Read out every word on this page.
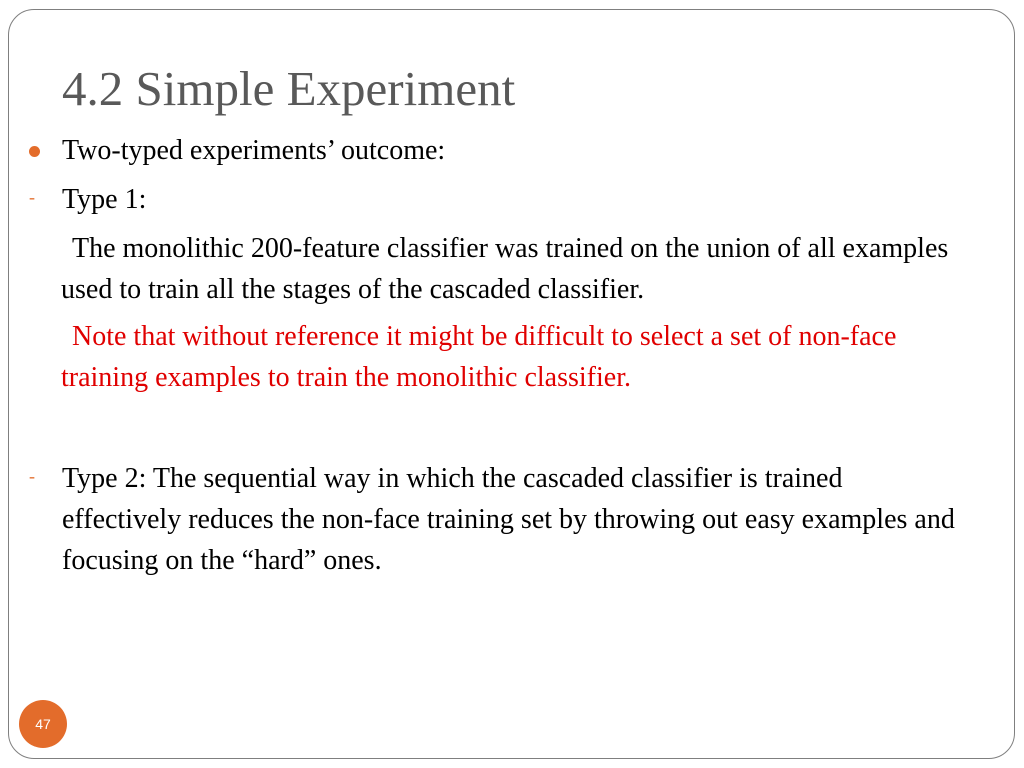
4.2 Simple Experiment
Two-typed experiments’ outcome:
- Type 1:
The monolithic 200-feature classifier was trained on the union of all examples used to train all the stages of the cascaded classifier.
Note that without reference it might be difficult to select a set of non-face training examples to train the monolithic classifier.
- Type 2: The sequential way in which the cascaded classifier is trained effectively reduces the non-face training set by throwing out easy examples and focusing on the “hard” ones.
47
